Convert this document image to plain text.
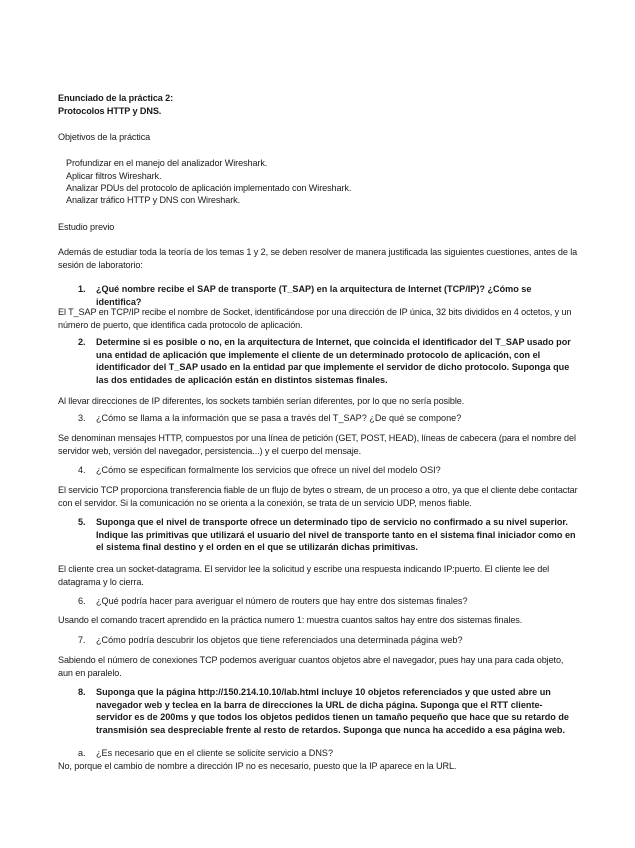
Enunciado de la práctica 2:
Protocolos HTTP y DNS.
Objetivos de la práctica
Profundizar en el manejo del analizador Wireshark.
Aplicar filtros Wireshark.
Analizar PDUs del protocolo de aplicación implementado con Wireshark.
Analizar tráfico HTTP y DNS con Wireshark.
Estudio previo
Además de estudiar toda la teoría de los temas 1 y 2, se deben resolver de manera justificada las siguientes cuestiones, antes de la sesión de laboratorio:
1. ¿Qué nombre recibe el SAP de transporte (T_SAP) en la arquitectura de Internet (TCP/IP)? ¿Cómo se identifica?
El T_SAP en TCP/IP recibe el nombre de Socket, identificándose por una dirección de IP única, 32 bits divididos en 4 octetos, y un número de puerto, que identifica cada protocolo de aplicación.
2. Determine si es posible o no, en la arquitectura de Internet, que coincida el identificador del T_SAP usado por una entidad de aplicación que implemente el cliente de un determinado protocolo de aplicación, con el identificador del T_SAP usado en la entidad par que implemente el servidor de dicho protocolo. Suponga que las dos entidades de aplicación están en distintos sistemas finales.
Al llevar direcciones de IP diferentes, los sockets también serían diferentes, por lo que no sería posible.
3. ¿Cómo se llama a la información que se pasa a través del T_SAP? ¿De qué se compone?
Se denominan mensajes HTTP, compuestos por una línea de petición (GET, POST, HEAD), líneas de cabecera (para el nombre del servidor web, versión del navegador, persistencia...) y el cuerpo del mensaje.
4. ¿Cómo se especifican formalmente los servicios que ofrece un nivel del modelo OSI?
El servicio TCP proporciona transferencia fiable de un flujo de bytes o stream, de un proceso a otro, ya que el cliente debe contactar con el servidor. Si la comunicación no se orienta a la conexión, se trata de un servicio UDP, menos fiable.
5. Suponga que el nivel de transporte ofrece un determinado tipo de servicio no confirmado a su nivel superior. Indique las primitivas que utilizará el usuario del nivel de transporte tanto en el sistema final iniciador como en el sistema final destino y el orden en el que se utilizarán dichas primitivas.
El cliente crea un socket-datagrama. El servidor lee la solicitud y escribe una respuesta indicando IP:puerto. El cliente lee del datagrama y lo cierra.
6. ¿Qué podría hacer para averiguar el número de routers que hay entre dos sistemas finales?
Usando el comando tracert aprendido en la práctica numero 1: muestra cuantos saltos hay entre dos sistemas finales.
7. ¿Cómo podría descubrir los objetos que tiene referenciados una determinada página web?
Sabiendo el número de conexiones TCP podemos averiguar cuantos objetos abre el navegador, pues hay una para cada objeto, aun en paralelo.
8. Suponga que la página http://150.214.10.10/lab.html incluye 10 objetos referenciados y que usted abre un navegador web y teclea en la barra de direcciones la URL de dicha página. Suponga que el RTT cliente-servidor es de 200ms y que todos los objetos pedidos tienen un tamaño pequeño que hace que su retardo de transmisión sea despreciable frente al resto de retardos. Suponga que nunca ha accedido a esa página web.
a. ¿Es necesario que en el cliente se solicite servicio a DNS?
No, porque el cambio de nombre a dirección IP no es necesario, puesto que la IP aparece en la URL.
